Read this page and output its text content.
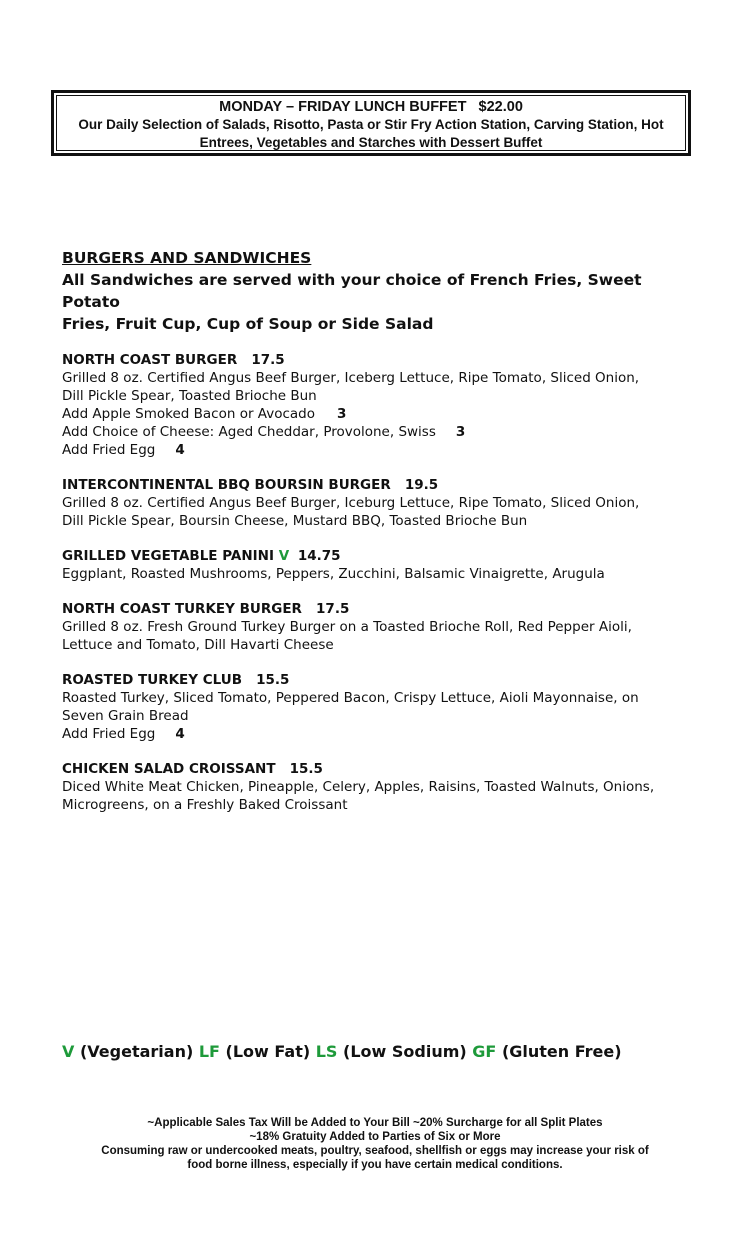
MONDAY – FRIDAY LUNCH BUFFET   $22.00
Our Daily Selection of Salads, Risotto, Pasta or Stir Fry Action Station, Carving Station, Hot
Entrees, Vegetables and Starches with Dessert Buffet
BURGERS AND SANDWICHES
All Sandwiches are served with your choice of French Fries, Sweet Potato
Fries, Fruit Cup, Cup of Soup or Side Salad
NORTH COAST BURGER   17.5
Grilled 8 oz. Certified Angus Beef Burger, Iceberg Lettuce, Ripe Tomato, Sliced Onion,
Dill Pickle Spear, Toasted Brioche Bun
Add Apple Smoked Bacon or Avocado 3
Add Choice of Cheese: Aged Cheddar, Provolone, Swiss 3
Add Fried Egg 4
INTERCONTINENTAL BBQ BOURSIN BURGER   19.5
Grilled 8 oz. Certified Angus Beef Burger, Iceburg Lettuce, Ripe Tomato, Sliced Onion,
Dill Pickle Spear, Boursin Cheese, Mustard BBQ, Toasted Brioche Bun
GRILLED VEGETABLE PANINI V 14.75
Eggplant, Roasted Mushrooms, Peppers, Zucchini, Balsamic Vinaigrette, Arugula
NORTH COAST TURKEY BURGER   17.5
Grilled 8 oz. Fresh Ground Turkey Burger on a Toasted Brioche Roll, Red Pepper Aioli,
Lettuce and Tomato, Dill Havarti Cheese
ROASTED TURKEY CLUB   15.5
Roasted Turkey, Sliced Tomato, Peppered Bacon, Crispy Lettuce, Aioli Mayonnaise, on
Seven Grain Bread
Add Fried Egg 4
CHICKEN SALAD CROISSANT   15.5
Diced White Meat Chicken, Pineapple, Celery, Apples, Raisins, Toasted Walnuts, Onions,
Microgreens, on a Freshly Baked Croissant
V (Vegetarian) LF (Low Fat) LS (Low Sodium) GF (Gluten Free)
~Applicable Sales Tax Will be Added to Your Bill ~20% Surcharge for all Split Plates
~18% Gratuity Added to Parties of Six or More
Consuming raw or undercooked meats, poultry, seafood, shellfish or eggs may increase your risk of
food borne illness, especially if you have certain medical conditions.
